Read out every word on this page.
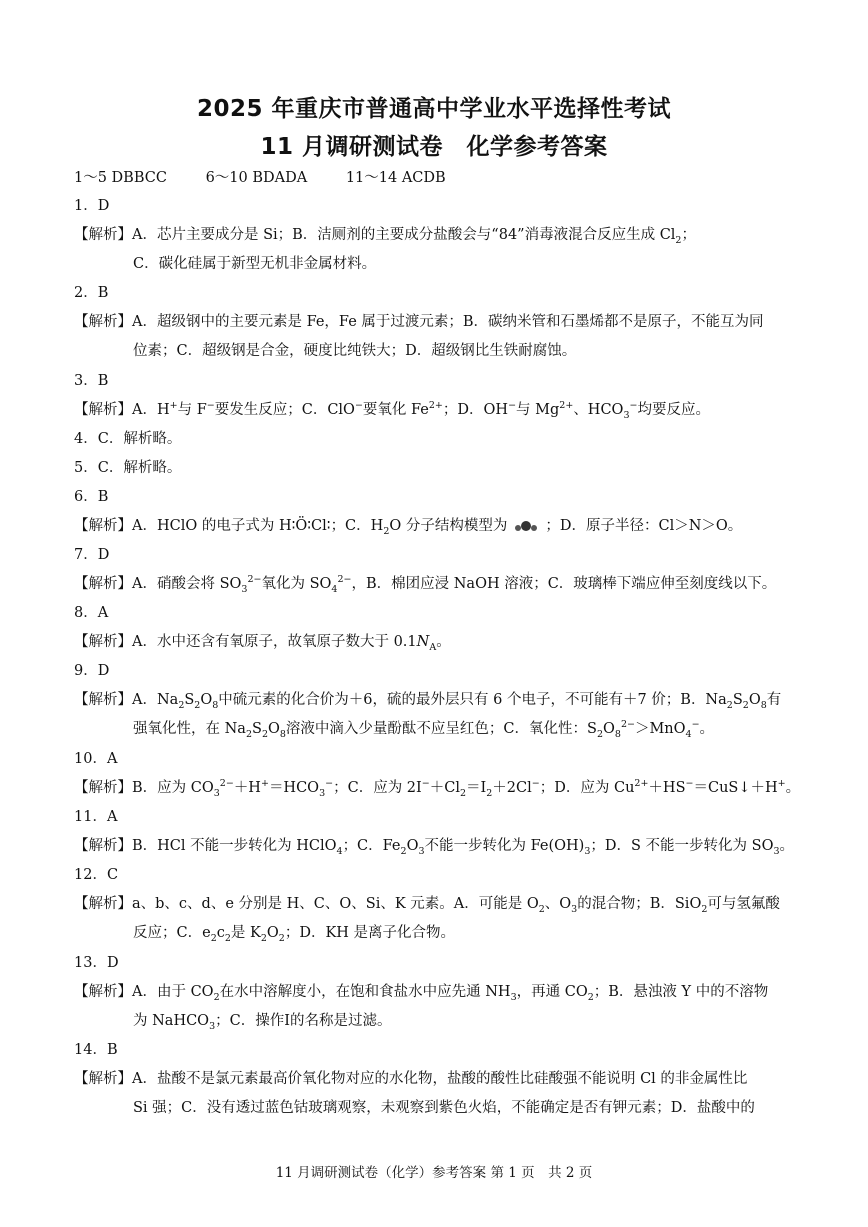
2025 年重庆市普通高中学业水平选择性考试
11 月调研测试卷　化学参考答案
1～5 DBBCC	6～10 BDADA	11～14 ACDB
1．D
【解析】A．芯片主要成分是 Si；B．洁厕剂的主要成分盐酸会与“84”消毒液混合反应生成 $Cl_2$；
C．碳化硅属于新型无机非金属材料。
2．B
【解析】A．超级钢中的主要元素是 Fe，Fe 属于过渡元素；B．碳纳米管和石墨烯都不是原子，不能互为同
位素；C．超级钢是合金，硬度比纯铁大；D．超级钢比生铁耐腐蚀。
3．B
【解析】A．H+与 F−要发生反应；C．ClO−要氧化 $Fe^{2+}$；D．OH−与 $Mg^{2+}$、$HCO_3^-$均要反应。
4．C．解析略。
5．C．解析略。
6．B
【解析】A．HClO 的电子式为 H∶Ö∶Cl∶；C．$H_2O$ 分子结构模型为	；D．原子半径：Cl＞N＞O。
7．D
【解析】A．硝酸会将 $SO_3^{2-}$氧化为 $SO_4^{2-}$，B．棉团应浸 NaOH 溶液；C．玻璃棒下端应伸至刻度线以下。
8．A
【解析】A．水中还含有氧原子，故氧原子数大于 $0.1N_A$。
9．D
【解析】A．$Na_2S_2O_8$中硫元素的化合价为＋6，硫的最外层只有 6 个电子，不可能有＋7 价；B．$Na_2S_2O_8$有
强氧化性，在 $Na_2S_2O_8$溶液中滴入少量酚酞不应呈红色；C．氧化性：$S_2O_8^{2-}>MnO_4^-$。
10．A
【解析】B．应为 $CO_3^{2-}+H^+=HCO_3^-$；C．应为 $2I^-+Cl_2=I_2+2Cl^-$；D．应为 $Cu^{2+}+HS^-=CuS↓+H^+$。
11．A
【解析】B．HCl 不能一步转化为 HClO$_4$；C．$Fe_2O_3$不能一步转化为 $Fe(OH)_3$；D．S 不能一步转化为 $SO_3$。
12．C
【解析】a、b、c、d、e 分别是 H、C、O、Si、K 元素。A．可能是 $O_2$、$O_3$的混合物；B．SiO$_2$可与氢氟酸
反应；C．$e_2c_2$是 $K_2O_2$；D．KH 是离子化合物。
13．D
【解析】A．由于 $CO_2$在水中溶解度小，在饱和食盐水中应先通 $NH_3$，再通 $CO_2$；B．悬浊液 Y 中的不溶物
为 NaHCO$_3$；C．操作Ⅰ的名称是过滤。
14．B
【解析】A．盐酸不是氯元素最高价氧化物对应的水化物，盐酸的酸性比硅酸强不能说明 Cl 的非金属性比
Si 强；C．没有透过蓝色钴玻璃观察，未观察到紫色火焰，不能确定是否有钾元素；D．盐酸中的
11 月调研测试卷（化学）参考答案 第 1 页　共 2 页
